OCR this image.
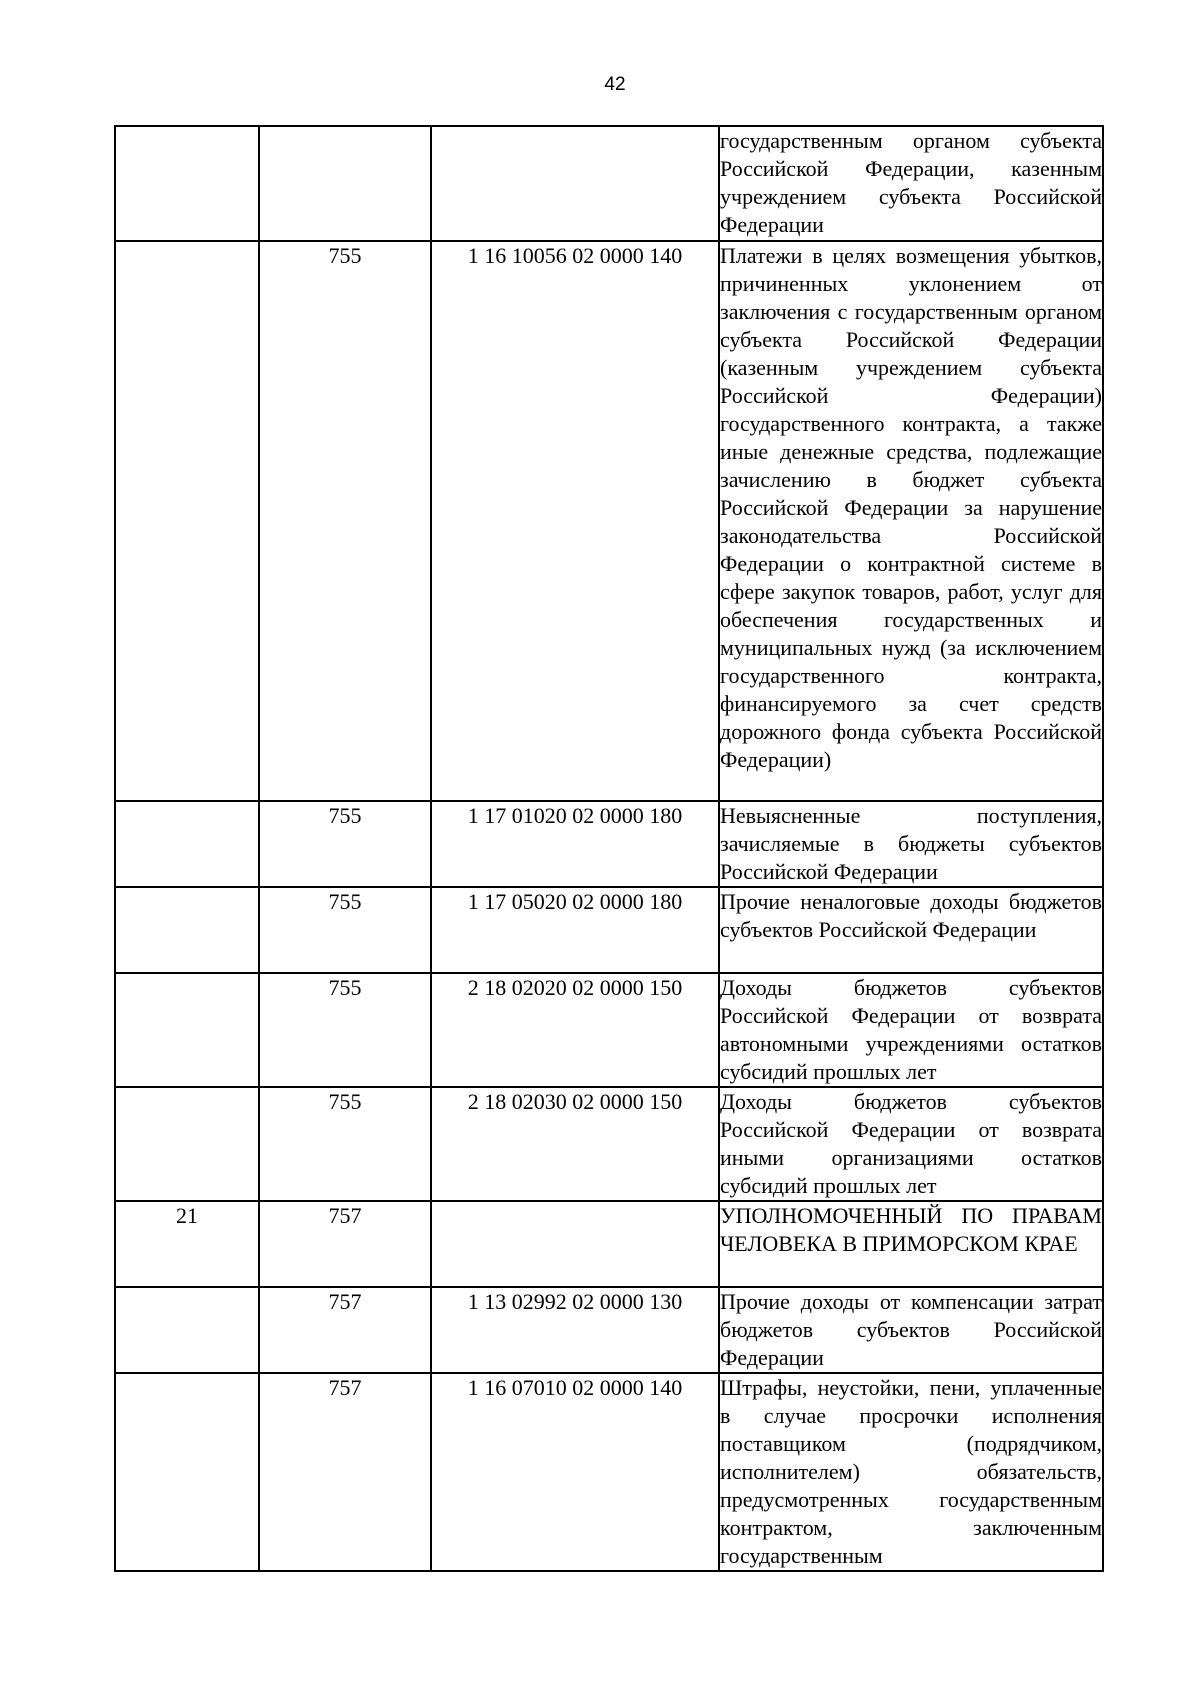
42
			государственным органом субъекта Российской Федерации, казенным учреждением субъекта Российской Федерации
	755	1 16 10056 02 0000 140	Платежи в целях возмещения убытков, причиненных уклонением от заключения с государственным органом субъекта Российской Федерации (казенным учреждением субъекта Российской Федерации) государственного контракта, а также иные денежные средства, подлежащие зачислению в бюджет субъекта Российской Федерации за нарушение законодательства Российской Федерации о контрактной системе в сфере закупок товаров, работ, услуг для обеспечения государственных и муниципальных нужд (за исключением государственного контракта, финансируемого за счет средств дорожного фонда субъекта Российской Федерации)
	755	1 17 01020 02 0000 180	Невыясненные поступления, зачисляемые в бюджеты субъектов Российской Федерации
	755	1 17 05020 02 0000 180	Прочие неналоговые доходы бюджетов субъектов Российской Федерации
	755	2 18 02020 02 0000 150	Доходы бюджетов субъектов Российской Федерации от возврата автономными учреждениями остатков субсидий прошлых лет
	755	2 18 02030 02 0000 150	Доходы бюджетов субъектов Российской Федерации от возврата иными организациями остатков субсидий прошлых лет
21	757		УПОЛНОМОЧЕННЫЙ ПО ПРАВАМ ЧЕЛОВЕКА В ПРИМОРСКОМ КРАЕ
	757	1 13 02992 02 0000 130	Прочие доходы от компенсации затрат бюджетов субъектов Российской Федерации
	757	1 16 07010 02 0000 140	Штрафы, неустойки, пени, уплаченные в случае просрочки исполнения поставщиком (подрядчиком, исполнителем) обязательств, предусмотренных государственным контрактом, заключенным государственным
